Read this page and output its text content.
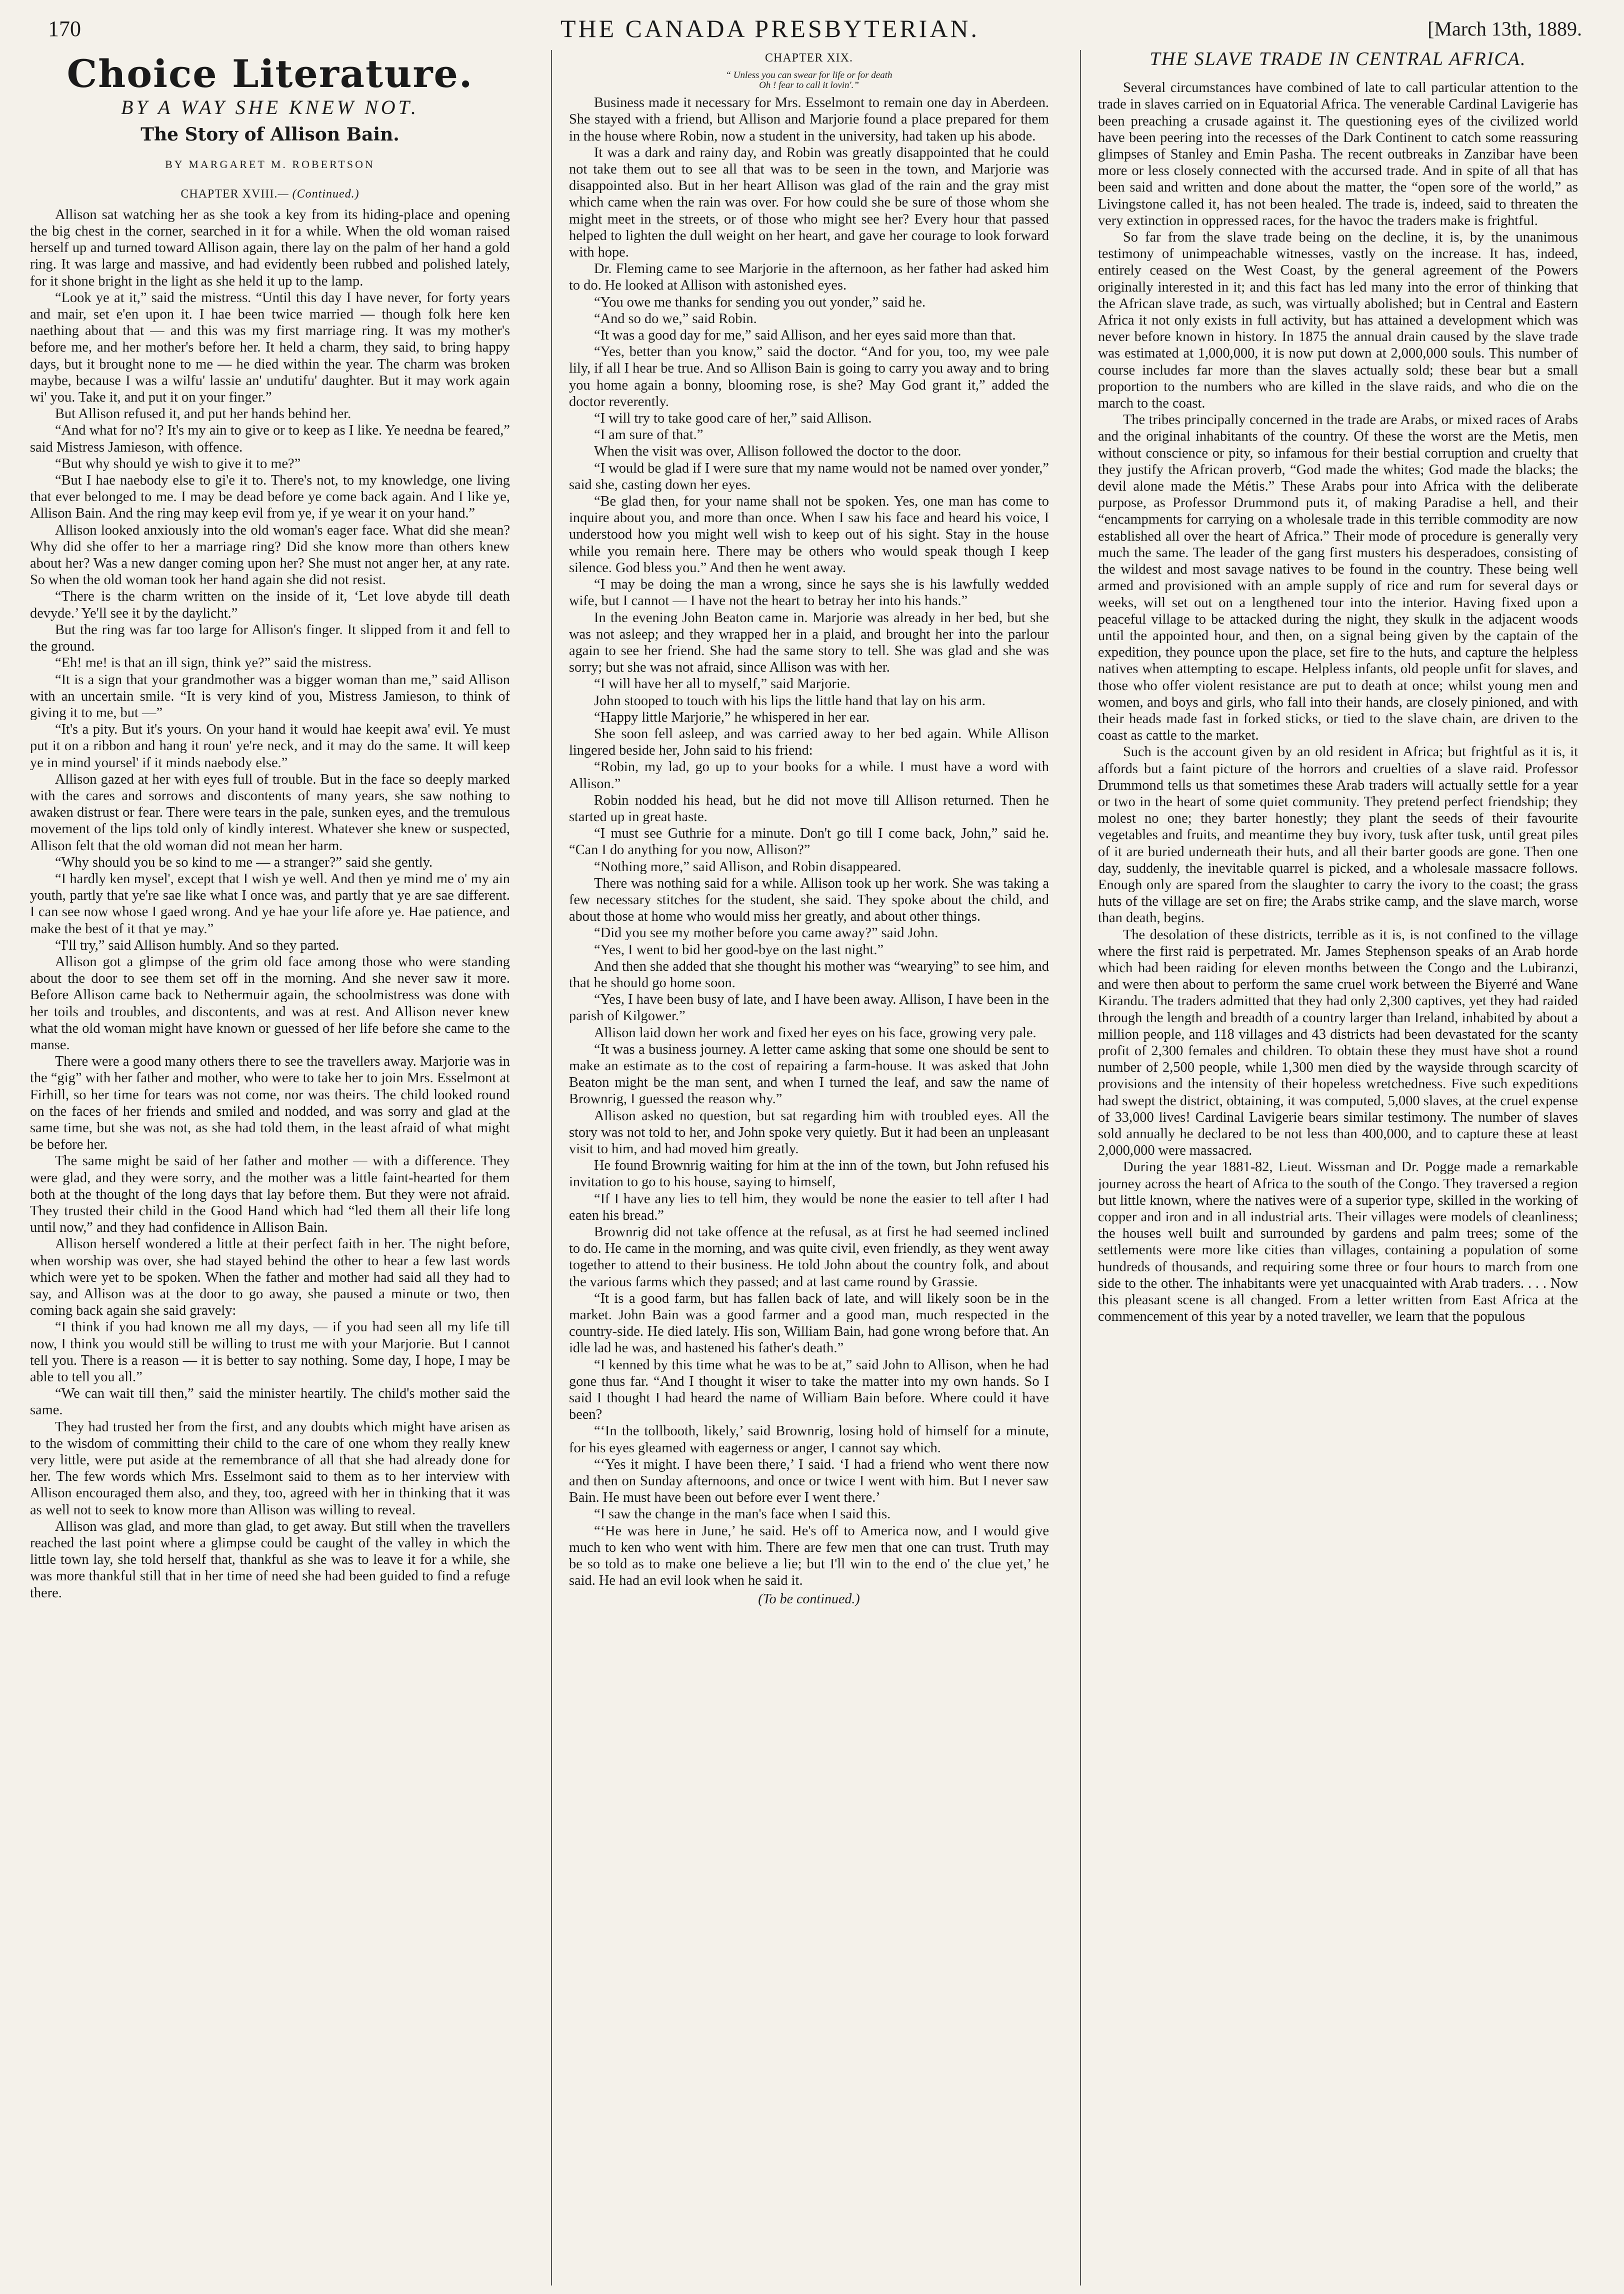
170	THE CANADA PRESBYTERIAN.	[March 13th, 1889.
Choice Literature.
BY A WAY SHE KNEW NOT.
The Story of Allison Bain.
BY MARGARET M. ROBERTSON
CHAPTER XVIII.— (Continued.)

Allison sat watching her as she took a key from its hiding-place and opening the big chest in the corner, searched in it for a while. When the old woman raised herself up and turned toward Allison again, there lay on the palm of her hand a gold ring. It was large and massive, and had evidently been rubbed and polished lately, for it shone bright in the light as she held it up to the lamp.

“Look ye at it,” said the mistress. “Until this day I have never, for forty years and mair, set e'en upon it. I hae been twice married — though folk here ken naething about that — and this was my first marriage ring. It was my mother's before me, and her mother's before her. It held a charm, they said, to bring happy days, but it brought none to me — he died within the year. The charm was broken maybe, because I was a wilfu' lassie an' undutifu' daughter. But it may work again wi' you. Take it, and put it on your finger.”

But Allison refused it, and put her hands behind her.

“And what for no'? It's my ain to give or to keep as I like. Ye needna be feared,” said Mistress Jamieson, with offence.

“But why should ye wish to give it to me?”

“But I hae naebody else to gi'e it to. There's not, to my knowledge, one living that ever belonged to me. I may be dead before ye come back again. And I like ye, Allison Bain. And the ring may keep evil from ye, if ye wear it on your hand.”

Allison looked anxiously into the old woman's eager face. What did she mean? Why did she offer to her a marriage ring? Did she know more than others knew about her? Was a new danger coming upon her? She must not anger her, at any rate. So when the old woman took her hand again she did not resist.

“There is the charm written on the inside of it, ‘Let love abyde till death devyde.’ Ye'll see it by the daylicht.”

But the ring was far too large for Allison's finger. It slipped from it and fell to the ground.

“Eh! me! is that an ill sign, think ye?” said the mistress.

“It is a sign that your grandmother was a bigger woman than me,” said Allison with an uncertain smile. “It is very kind of you, Mistress Jamieson, to think of giving it to me, but —”

“It's a pity. But it's yours. On your hand it would hae keepit awa' evil. Ye must put it on a ribbon and hang it roun' ye're neck, and it may do the same. It will keep ye in mind yoursel' if it minds naebody else.”

Allison gazed at her with eyes full of trouble. But in the face so deeply marked with the cares and sorrows and discontents of many years, she saw nothing to awaken distrust or fear. There were tears in the pale, sunken eyes, and the tremulous movement of the lips told only of kindly interest. Whatever she knew or suspected, Allison felt that the old woman did not mean her harm.

“Why should you be so kind to me — a stranger?” said she gently.

“I hardly ken mysel', except that I wish ye well. And then ye mind me o' my ain youth, partly that ye're sae like what I once was, and partly that ye are sae different. I can see now whose I gaed wrong. And ye hae your life afore ye. Hae patience, and make the best of it that ye may.”

“I'll try,” said Allison humbly. And so they parted.

Allison got a glimpse of the grim old face among those who were standing about the door to see them set off in the morning. And she never saw it more. Before Allison came back to Nethermuir again, the schoolmistress was done with her toils and troubles, and discontents, and was at rest. And Allison never knew what the old woman might have known or guessed of her life before she came to the manse.

There were a good many others there to see the travellers away. Marjorie was in the “gig” with her father and mother, who were to take her to join Mrs. Esselmont at Firhill, so her time for tears was not come, nor was theirs. The child looked round on the faces of her friends and smiled and nodded, and was sorry and glad at the same time, but she was not, as she had told them, in the least afraid of what might be before her.

The same might be said of her father and mother — with a difference. They were glad, and they were sorry, and the mother was a little faint-hearted for them both at the thought of the long days that lay before them. But they were not afraid. They trusted their child in the Good Hand which had “led them all their life long until now,” and they had confidence in Allison Bain.

Allison herself wondered a little at their perfect faith in her. The night before, when worship was over, she had stayed behind the other to hear a few last words which were yet to be spoken. When the father and mother had said all they had to say, and Allison was at the door to go away, she paused a minute or two, then coming back again she said gravely:

“I think if you had known me all my days, — if you had seen all my life till now, I think you would still be willing to trust me with your Marjorie. But I cannot tell you. There is a reason — it is better to say nothing. Some day, I hope, I may be able to tell you all.”

“We can wait till then,” said the minister heartily. The child's mother said the same.

They had trusted her from the first, and any doubts which might have arisen as to the wisdom of committing their child to the care of one whom they really knew very little, were put aside at the remembrance of all that she had already done for her. The few words which Mrs. Esselmont said to them as to her interview with Allison encouraged them also, and they, too, agreed with her in thinking that it was as well not to seek to know more than Allison was willing to reveal.

Allison was glad, and more than glad, to get away. But still when the travellers reached the last point where a glimpse could be caught of the valley in which the little town lay, she told herself that, thankful as she was to leave it for a while, she was more thankful still that in her time of need she had been guided to find a refuge there.

CHAPTER XIX.
“ Unless you can swear for life or for death
Oh ! fear to call it lovin'.”

Business made it necessary for Mrs. Esselmont to remain one day in Aberdeen. She stayed with a friend, but Allison and Marjorie found a place prepared for them in the house where Robin, now a student in the university, had taken up his abode.

It was a dark and rainy day, and Robin was greatly disappointed that he could not take them out to see all that was to be seen in the town, and Marjorie was disappointed also. But in her heart Allison was glad of the rain and the gray mist which came when the rain was over. For how could she be sure of those whom she might meet in the streets, or of those who might see her? Every hour that passed helped to lighten the dull weight on her heart, and gave her courage to look forward with hope.

Dr. Fleming came to see Marjorie in the afternoon, as her father had asked him to do. He looked at Allison with astonished eyes.

“You owe me thanks for sending you out yonder,” said he.

“And so do we,” said Robin.

“It was a good day for me,” said Allison, and her eyes said more than that.

“Yes, better than you know,” said the doctor. “And for you, too, my wee pale lily, if all I hear be true. And so Allison Bain is going to carry you away and to bring you home again a bonny, blooming rose, is she? May God grant it,” added the doctor reverently.

“I will try to take good care of her,” said Allison.

“I am sure of that.”

When the visit was over, Allison followed the doctor to the door.

“I would be glad if I were sure that my name would not be named over yonder,” said she, casting down her eyes.

“Be glad then, for your name shall not be spoken. Yes, one man has come to inquire about you, and more than once. When I saw his face and heard his voice, I understood how you might well wish to keep out of his sight. Stay in the house while you remain here. There may be others who would speak though I keep silence. God bless you.” And then he went away.

“I may be doing the man a wrong, since he says she is his lawfully wedded wife, but I cannot — I have not the heart to betray her into his hands.”

In the evening John Beaton came in. Marjorie was already in her bed, but she was not asleep; and they wrapped her in a plaid, and brought her into the parlour again to see her friend. She had the same story to tell. She was glad and she was sorry; but she was not afraid, since Allison was with her.

“I will have her all to myself,” said Marjorie.

John stooped to touch with his lips the little hand that lay on his arm.

“Happy little Marjorie,” he whispered in her ear.

She soon fell asleep, and was carried away to her bed again. While Allison lingered beside her, John said to his friend:

“Robin, my lad, go up to your books for a while. I must have a word with Allison.”

Robin nodded his head, but he did not move till Allison returned. Then he started up in great haste.

“I must see Guthrie for a minute. Don't go till I come back, John,” said he. “Can I do anything for you now, Allison?”

“Nothing more,” said Allison, and Robin disappeared.

There was nothing said for a while. Allison took up her work. She was taking a few necessary stitches for the student, she said. They spoke about the child, and about those at home who would miss her greatly, and about other things.

“Did you see my mother before you came away?” said John.

“Yes, I went to bid her good-bye on the last night.”

And then she added that she thought his mother was “wearying” to see him, and that he should go home soon.

“Yes, I have been busy of late, and I have been away. Allison, I have been in the parish of Kilgower.”

Allison laid down her work and fixed her eyes on his face, growing very pale.

“It was a business journey. A letter came asking that some one should be sent to make an estimate as to the cost of repairing a farm-house. It was asked that John Beaton might be the man sent, and when I turned the leaf, and saw the name of Brownrig, I guessed the reason why.”

Allison asked no question, but sat regarding him with troubled eyes. All the story was not told to her, and John spoke very quietly. But it had been an unpleasant visit to him, and had moved him greatly.

He found Brownrig waiting for him at the inn of the town, but John refused his invitation to go to his house, saying to himself,

“If I have any lies to tell him, they would be none the easier to tell after I had eaten his bread.”

Brownrig did not take offence at the refusal, as at first he had seemed inclined to do. He came in the morning, and was quite civil, even friendly, as they went away together to attend to their business. He told John about the country folk, and about the various farms which they passed; and at last came round by Grassie.

“It is a good farm, but has fallen back of late, and will likely soon be in the market. John Bain was a good farmer and a good man, much respected in the country-side. He died lately. His son, William Bain, had gone wrong before that. An idle lad he was, and hastened his father's death.”

“I kenned by this time what he was to be at,” said John to Allison, when he had gone thus far. “And I thought it wiser to take the matter into my own hands. So I said I thought I had heard the name of William Bain before. Where could it have been?

“‘In the tollbooth, likely,’ said Brownrig, losing hold of himself for a minute, for his eyes gleamed with eagerness or anger, I cannot say which.

“‘Yes it might. I have been there,’ I said. ‘I had a friend who went there now and then on Sunday afternoons, and once or twice I went with him. But I never saw Bain. He must have been out before ever I went there.’

“I saw the change in the man's face when I said this.

“‘He was here in June,’ he said. He's off to America now, and I would give much to ken who went with him. There are few men that one can trust. Truth may be so told as to make one believe a lie; but I'll win to the end o' the clue yet,’ he said. He had an evil look when he said it.

(To be continued.)
THE SLAVE TRADE IN CENTRAL AFRICA.

Several circumstances have combined of late to call particular attention to the trade in slaves carried on in Equatorial Africa. The venerable Cardinal Lavigerie has been preaching a crusade against it. The questioning eyes of the civilized world have been peering into the recesses of the Dark Continent to catch some reassuring glimpses of Stanley and Emin Pasha. The recent outbreaks in Zanzibar have been more or less closely connected with the accursed trade. And in spite of all that has been said and written and done about the matter, the “open sore of the world,” as Livingstone called it, has not been healed. The trade is, indeed, said to threaten the very extinction in oppressed races, for the havoc the traders make is frightful.

So far from the slave trade being on the decline, it is, by the unanimous testimony of unimpeachable witnesses, vastly on the increase. It has, indeed, entirely ceased on the West Coast, by the general agreement of the Powers originally interested in it; and this fact has led many into the error of thinking that the African slave trade, as such, was virtually abolished; but in Central and Eastern Africa it not only exists in full activity, but has attained a development which was never before known in history. In 1875 the annual drain caused by the slave trade was estimated at 1,000,000, it is now put down at 2,000,000 souls. This number of course includes far more than the slaves actually sold; these bear but a small proportion to the numbers who are killed in the slave raids, and who die on the march to the coast.

The tribes principally concerned in the trade are Arabs, or mixed races of Arabs and the original inhabitants of the country. Of these the worst are the Metis, men without conscience or pity, so infamous for their bestial corruption and cruelty that they justify the African proverb, “God made the whites; God made the blacks; the devil alone made the Métis.” These Arabs pour into Africa with the deliberate purpose, as Professor Drummond puts it, of making Paradise a hell, and their “encampments for carrying on a wholesale trade in this terrible commodity are now established all over the heart of Africa.” Their mode of procedure is generally very much the same. The leader of the gang first musters his desperadoes, consisting of the wildest and most savage natives to be found in the country. These being well armed and provisioned with an ample supply of rice and rum for several days or weeks, will set out on a lengthened tour into the interior. Having fixed upon a peaceful village to be attacked during the night, they skulk in the adjacent woods until the appointed hour, and then, on a signal being given by the captain of the expedition, they pounce upon the place, set fire to the huts, and capture the helpless natives when attempting to escape. Helpless infants, old people unfit for slaves, and those who offer violent resistance are put to death at once; whilst young men and women, and boys and girls, who fall into their hands, are closely pinioned, and with their heads made fast in forked sticks, or tied to the slave chain, are driven to the coast as cattle to the market.

Such is the account given by an old resident in Africa; but frightful as it is, it affords but a faint picture of the horrors and cruelties of a slave raid. Professor Drummond tells us that sometimes these Arab traders will actually settle for a year or two in the heart of some quiet community. They pretend perfect friendship; they molest no one; they barter honestly; they plant the seeds of their favourite vegetables and fruits, and meantime they buy ivory, tusk after tusk, until great piles of it are buried underneath their huts, and all their barter goods are gone. Then one day, suddenly, the inevitable quarrel is picked, and a wholesale massacre follows. Enough only are spared from the slaughter to carry the ivory to the coast; the grass huts of the village are set on fire; the Arabs strike camp, and the slave march, worse than death, begins.

The desolation of these districts, terrible as it is, is not confined to the village where the first raid is perpetrated. Mr. James Stephenson speaks of an Arab horde which had been raiding for eleven months between the Congo and the Lubiranzi, and were then about to perform the same cruel work between the Biyerré and Wane Kirandu. The traders admitted that they had only 2,300 captives, yet they had raided through the length and breadth of a country larger than Ireland, inhabited by about a million people, and 118 villages and 43 districts had been devastated for the scanty profit of 2,300 females and children. To obtain these they must have shot a round number of 2,500 people, while 1,300 men died by the wayside through scarcity of provisions and the intensity of their hopeless wretchedness. Five such expeditions had swept the district, obtaining, it was computed, 5,000 slaves, at the cruel expense of 33,000 lives! Cardinal Lavigerie bears similar testimony. The number of slaves sold annually he declared to be not less than 400,000, and to capture these at least 2,000,000 were massacred.

During the year 1881-82, Lieut. Wissman and Dr. Pogge made a remarkable journey across the heart of Africa to the south of the Congo. They traversed a region but little known, where the natives were of a superior type, skilled in the working of copper and iron and in all industrial arts. Their villages were models of cleanliness; the houses well built and surrounded by gardens and palm trees; some of the settlements were more like cities than villages, containing a population of some hundreds of thousands, and requiring some three or four hours to march from one side to the other. The inhabitants were yet unacquainted with Arab traders. . . . Now this pleasant scene is all changed. From a letter written from East Africa at the commencement of this year by a noted traveller, we learn that the populous
